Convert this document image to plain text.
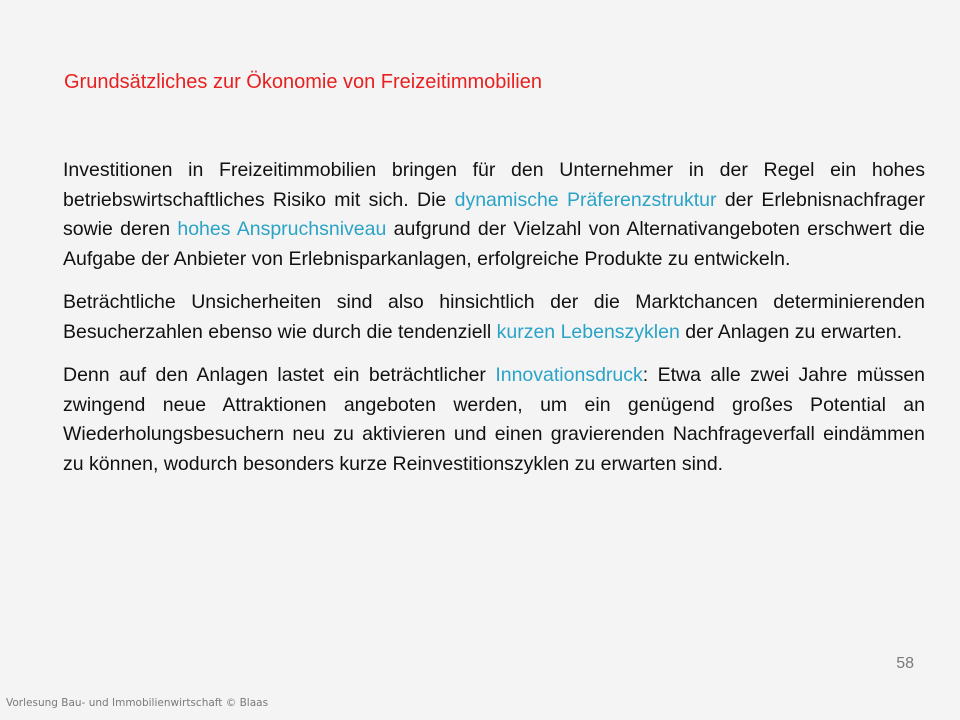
Grundsätzliches zur Ökonomie von Freizeitimmobilien

Investitionen in Freizeitimmobilien bringen für den Unternehmer in der Regel ein hohes betriebswirtschaftliches Risiko mit sich. Die dynamische Präferenzstruktur der Erlebnisnachfrager sowie deren hohes Anspruchsniveau aufgrund der Vielzahl von Alternativangeboten erschwert die Aufgabe der Anbieter von Erlebnisparkanlagen, erfolgreiche Produkte zu entwickeln.

Beträchtliche Unsicherheiten sind also hinsichtlich der die Marktchancen determinierenden Besucherzahlen ebenso wie durch die tendenziell kurzen Lebenszyklen der Anlagen zu erwarten.

Denn auf den Anlagen lastet ein beträchtlicher Innovationsdruck: Etwa alle zwei Jahre müssen zwingend neue Attraktionen angeboten werden, um ein genügend großes Potential an Wiederholungsbesuchern neu zu aktivieren und einen gravierenden Nachfrageverfall eindämmen zu können, wodurch besonders kurze Reinvestitionszyklen zu erwarten sind.

58
Vorlesung Bau- und Immobilienwirtschaft © Blaas
